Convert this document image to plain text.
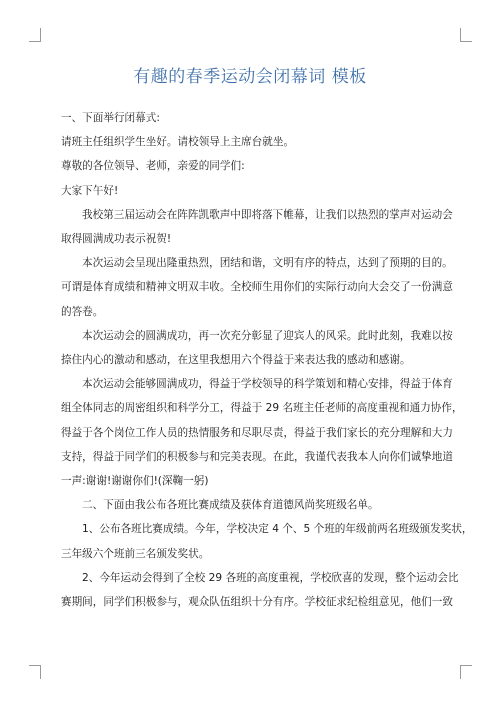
有趣的春季运动会闭幕词 模板

一、下面举行闭幕式:

请班主任组织学生坐好。请校领导上主席台就坐。

尊敬的各位领导、老师，亲爱的同学们:

大家下午好!

我校第三届运动会在阵阵凯歌声中即将落下帷幕，让我们以热烈的掌声对运动会

取得圆满成功表示祝贺!

本次运动会呈现出隆重热烈，团结和谐，文明有序的特点，达到了预期的目的。

可谓是体育成绩和精神文明双丰收。全校师生用你们的实际行动向大会交了一份满意

的答卷。

本次运动会的圆满成功，再一次充分彰显了迎宾人的风采。此时此刻，我难以按

捺住内心的激动和感动，在这里我想用六个得益于来表达我的感动和感谢。

本次运动会能够圆满成功，得益于学校领导的科学策划和精心安排，得益于体育

组全体同志的周密组织和科学分工，得益于 29 名班主任老师的高度重视和通力协作，

得益于各个岗位工作人员的热情服务和尽职尽责，得益于我们家长的充分理解和大力

支持，得益于同学们的积极参与和完美表现。在此，我谨代表我本人向你们诚挚地道

一声:谢谢!谢谢你们!(深鞠一躬)

二、下面由我公布各班比赛成绩及获体育道德风尚奖班级名单。

1、公布各班比赛成绩。今年，学校决定 4 个、5 个班的年级前两名班级颁发奖状，

三年级六个班前三名颁发奖状。

2、今年运动会得到了全校 29 各班的高度重视，学校欣喜的发现，整个运动会比

赛期间，同学们积极参与，观众队伍组织十分有序。学校征求纪检组意见，他们一致
